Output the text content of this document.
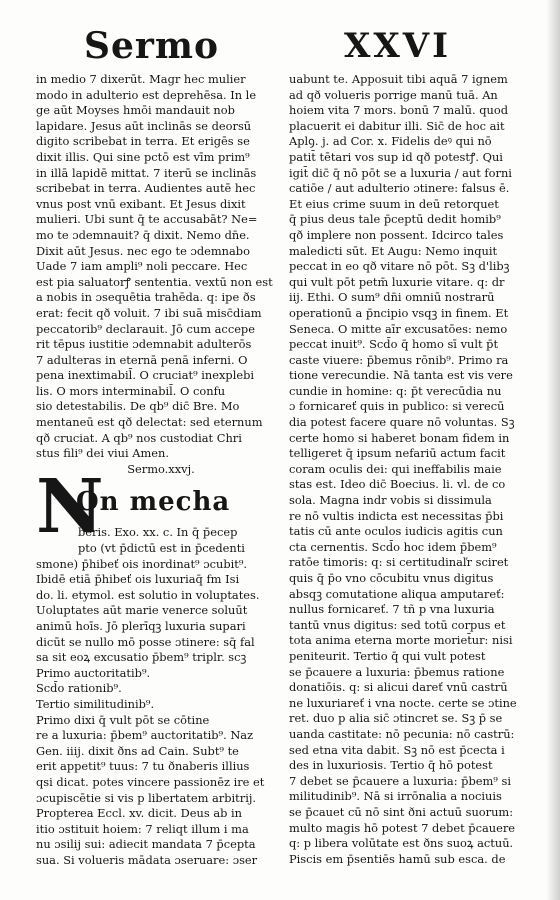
Sermo	XXVI
in medio 7 dixerūt. Magr hec mulier
modo in adulterio est deprehēsa. In le
ge aūt Moyses hmōi mandauit nob
lapidare. Jesus aūt inclinās se deorsū
digito scribebat in terra. Et erigēs se
dixit illis. Qui sine pctō est vīm prim⁹
in illā lapidē mittat. 7 iterū se inclinās
scribebat in terra. Audientes autē hec
vnus post vnū exibant. Et Jesus dixit
mulieri. Ubi sunt q̄ te accusabāt? Ne=
mo te ɔdemnauit? q̄ dixit. Nemo dn̄e.
Dixit aūt Jesus. nec ego te ɔdemnabo
Uade 7 iam ampli⁹ noli peccare. Hec
est pia saluatorꝭ sententia. vextū non est
a nobis in ɔsequētia trahēda. q: ipe ðs
erat: fecit qð voluit. 7 ibi suā misc̄diam
peccatorib⁹ declarauit. Jō cum accepe
rit tēpus iustitie ɔdemnabit adulterōs
7 adulteras in eternā penā inferni. O
pena inextimabil̄. O cruciat⁹ inexplebi
lis. O mors interminabil̄. O confu
sio detestabilis. De qb⁹ dic̄ Bre. Mo
mentaneū est qð delectat: sed eternum
qð cruciat. A qb⁹ nos custodiat Chri
stus fili⁹ dei viui Amen.
Sermo.xxvj.
On mecha
beris. Exo. xx. c. In q̄ p̄ecep
pto (vt p̄dictū est in p̄cedenti
smone) p̄hibeť ois inordinat⁹ ɔcubit⁹.
Ibidē etiā p̄hibeť ois luxuriaq̄ fm Isi
do. li. etymol. est solutio in voluptates.
Uoluptates aūt marie venerce soluūt
animū hoīs. Jō plerīqꝫ luxuria supari
dicūt se nullo mō posse ɔtinere: sq̄ fal
sa sit eoꝝ excusatio p̄bem⁹ triplr. scꝫ
Primo auctoritatib⁹.
Scd̄o rationib⁹.
Tertio similitudinib⁹.
Primo dixi q̄ vult pōt se cōtine
re a luxuria: p̄bem⁹ auctoritatib⁹. Naz
Gen. iiij. dixit ðns ad Cain. Subt⁹ te
erit appetit⁹ tuus: 7 tu ðnaberis illius
qsi dicat. potes vincere passionēz ire et
ɔcupiscētie si vis p libertatem arbitrij.
Propterea Eccl. xv. dicit. Deus ab in
itio ɔstituit hoiem: 7 reliqt illum i ma
nu ɔsilij sui: adiecit mandata 7 p̄cepta
sua. Si volueris mādata ɔseruare: ɔser
N
uabunt te. Apposuit tibi aquā 7 ignem
ad qð volueris porrige manū tuā. An
hoiem vita 7 mors. bonū 7 malū. quod
placuerit ei dabitur illi. Sic̄ de hoc ait
Aplꝯ. j. ad Cor. x. Fidelis deꝰ qui nō
patit̄ tētari vos sup id qð potestꝭ. Qui
igit̄ dic̄ q̄ nō pōt se a luxuria / aut forni
catiōe / aut adulterio ɔtinere: falsus ē.
Et eius crime suum in deū retorquet
q̄ pius deus tale p̄ceptū dedit homib⁹
qð implere non possent. Idcirco tales
maledicti sūt. Et Augu: Nemo inquit
peccat in eo qð vitare nō pōt. Sꝫ d'libꝫ
qui vult pōt petm̄ luxurie vitare. q: dr
iij. Ethi. O sum⁹ dn̄i omniū nostrarū
operationū a p̄ncipio vsqꝫ in finem. Et
Seneca. O mitte aīr excusatōes: nemo
peccat inuit⁹. Scd̄o q̄ homo sī vult p̄t
caste viuere: p̄bemus rōnib⁹. Primo ra
tione verecundie. Nā tanta est vis vere
cundie in homine: q: p̄t verecūdia nu
ɔ fornicareť quis in publico: si verecū
dia potest facere quare nō voluntas. Sꝫ
certe homo si haberet bonam fidem in
telligeret q̄ ipsum nefariū actum facit
coram oculis dei: qui ineffabilis maie
stas est. Ideo dic̄ Boecius. li. vl. de co
sola. Magna indr vobis si dissimula
re nō vultis indicta est necessitas p̄bi
tatis cū ante oculos iudicis agitis cun
cta cernentis. Scd̄o hoc idem p̄bem⁹
ratōe timoris: q: si certitudinaľr sciret
quis q̄ p̄o vno cōcubitu vnus digitus
absqꝫ comutatione aliqua amputareť:
nullus fornicareť. 7 tñ p vna luxuria
tantū vnus digitus: sed totū corpus et
tota anima eterna morte moriet̄ur: nisi
peniteurit. Tertio q̄ qui vult potest
se p̄cauere a luxuria: p̄bemus ratione
donatiōis. q: si alicui dareť vnū castrū
ne luxuriareť i vna nocte. certe se ɔtine
ret. duo p alia sic̄ ɔtincret se. Sꝫ p̄ se
uanda castitate: nō pecunia: nō castrū:
sed etna vita dabit. Sꝫ nō est p̄cecta i
des in luxuriosis. Tertio q̄ hō potest
7 debet se p̄cauere a luxuria: p̄bem⁹ si
militudinib⁹. Nā si irrōnalia a nociuis
se p̄cauet cū nō sint ðni actuū suorum:
multo magis hō potest 7 debet p̄cauere
q: p libera volūtate est ðns suoꝝ actuū.
Piscis em p̄sentiēs hamū sub esca. de
